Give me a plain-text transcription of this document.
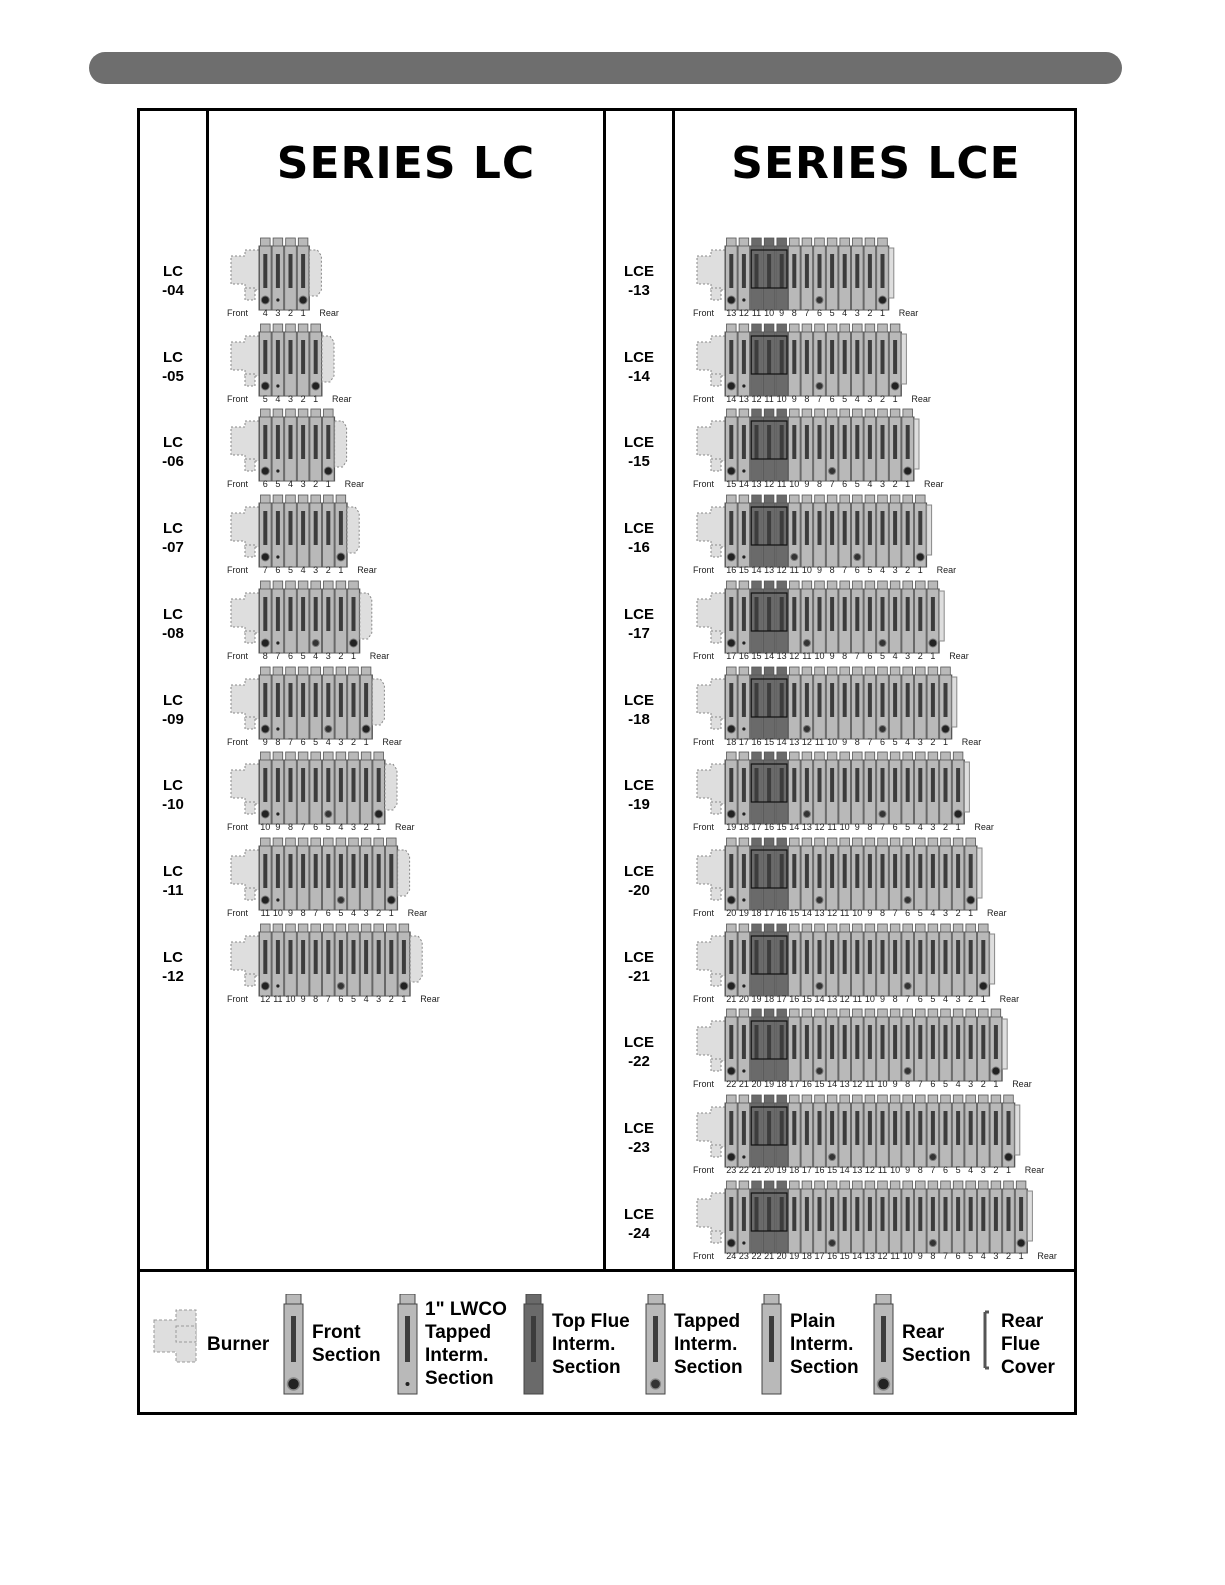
SERIES LC	SERIES LCE
LC
-04
Front 4 3 2 1 Rear
LC
-05
Front 5 4 3 2 1 Rear
LC
-06
Front 6 5 4 3 2 1 Rear
LC
-07
Front 7 6 5 4 3 2 1 Rear
LC
-08
Front 8 7 6 5 4 3 2 1 Rear
LC
-09
Front 9 8 7 6 5 4 3 2 1 Rear
LC
-10
Front 10 9 8 7 6 5 4 3 2 1 Rear
LC
-11
Front 11 10 9 8 7 6 5 4 3 2 1 Rear
LC
-12
Front 12 11 10 9 8 7 6 5 4 3 2 1 Rear
LCE
-13
Front 13 12 11 10 9 8 7 6 5 4 3 2 1 Rear
LCE
-14
Front 14 13 12 11 10 9 8 7 6 5 4 3 2 1 Rear
LCE
-15
Front 15 14 13 12 11 10 9 8 7 6 5 4 3 2 1 Rear
LCE
-16
Front 16 15 14 13 12 11 10 9 8 7 6 5 4 3 2 1 Rear
LCE
-17
Front 17 16 15 14 13 12 11 10 9 8 7 6 5 4 3 2 1 Rear
LCE
-18
Front 18 17 16 15 14 13 12 11 10 9 8 7 6 5 4 3 2 1 Rear
LCE
-19
Front 19 18 17 16 15 14 13 12 11 10 9 8 7 6 5 4 3 2 1 Rear
LCE
-20
Front 20 19 18 17 16 15 14 13 12 11 10 9 8 7 6 5 4 3 2 1 Rear
LCE
-21
Front 21 20 19 18 17 16 15 14 13 12 11 10 9 8 7 6 5 4 3 2 1 Rear
LCE
-22
Front 22 21 20 19 18 17 16 15 14 13 12 11 10 9 8 7 6 5 4 3 2 1 Rear
LCE
-23
Front 23 22 21 20 19 18 17 16 15 14 13 12 11 10 9 8 7 6 5 4 3 2 1 Rear
LCE
-24
Front 24 23 22 21 20 19 18 17 16 15 14 13 12 11 10 9 8 7 6 5 4 3 2 1 Rear
Burner
Front
Section
1" LWCO
Tapped
Interm.
Section
Top Flue
Interm.
Section
Tapped
Interm.
Section
Plain
Interm.
Section
Rear
Section
Rear
Flue
Cover
